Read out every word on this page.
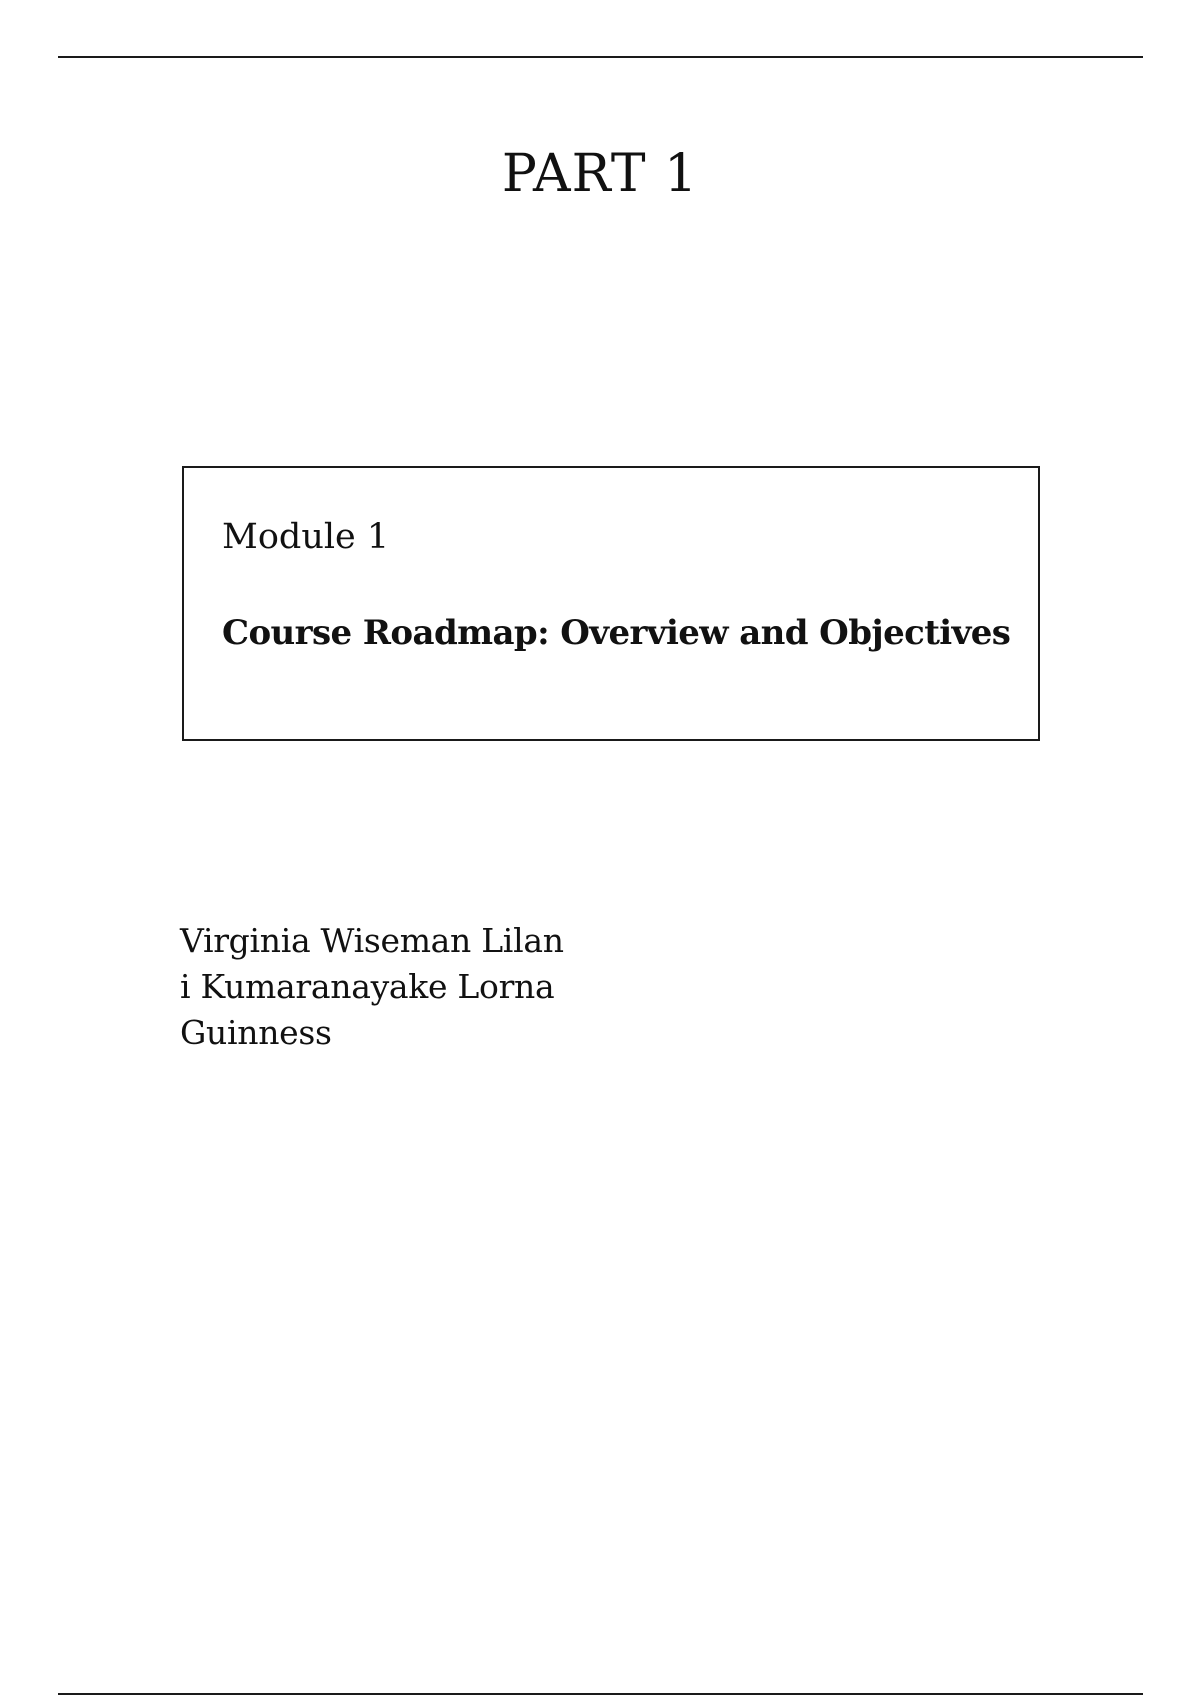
PART 1
Module 1
Course Roadmap: Overview and Objectives
Virginia Wiseman Lilan
i Kumaranayake Lorna
Guinness
